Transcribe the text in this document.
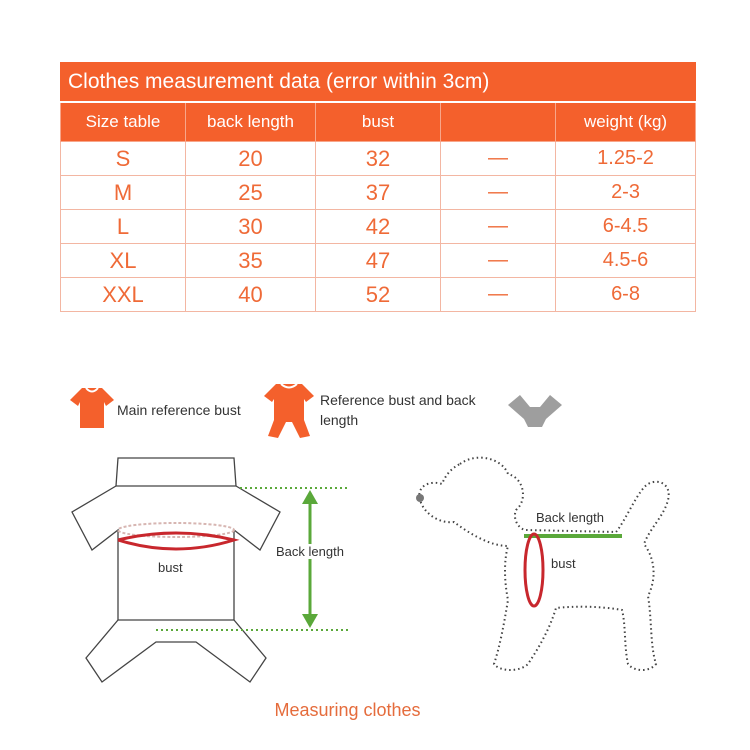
Clothes measurement data (error within 3cm)				
Size table	back length	bust		weight (kg)
S	20	32	—	1.25-2
M	25	37	—	2-3
L	30	42	—	6-4.5
XL	35	47	—	4.5-6
XXL	40	52	—	6-8
Main reference bust
Reference bust and back
length
bust
Back length
Back length
bust
Measuring clothes
